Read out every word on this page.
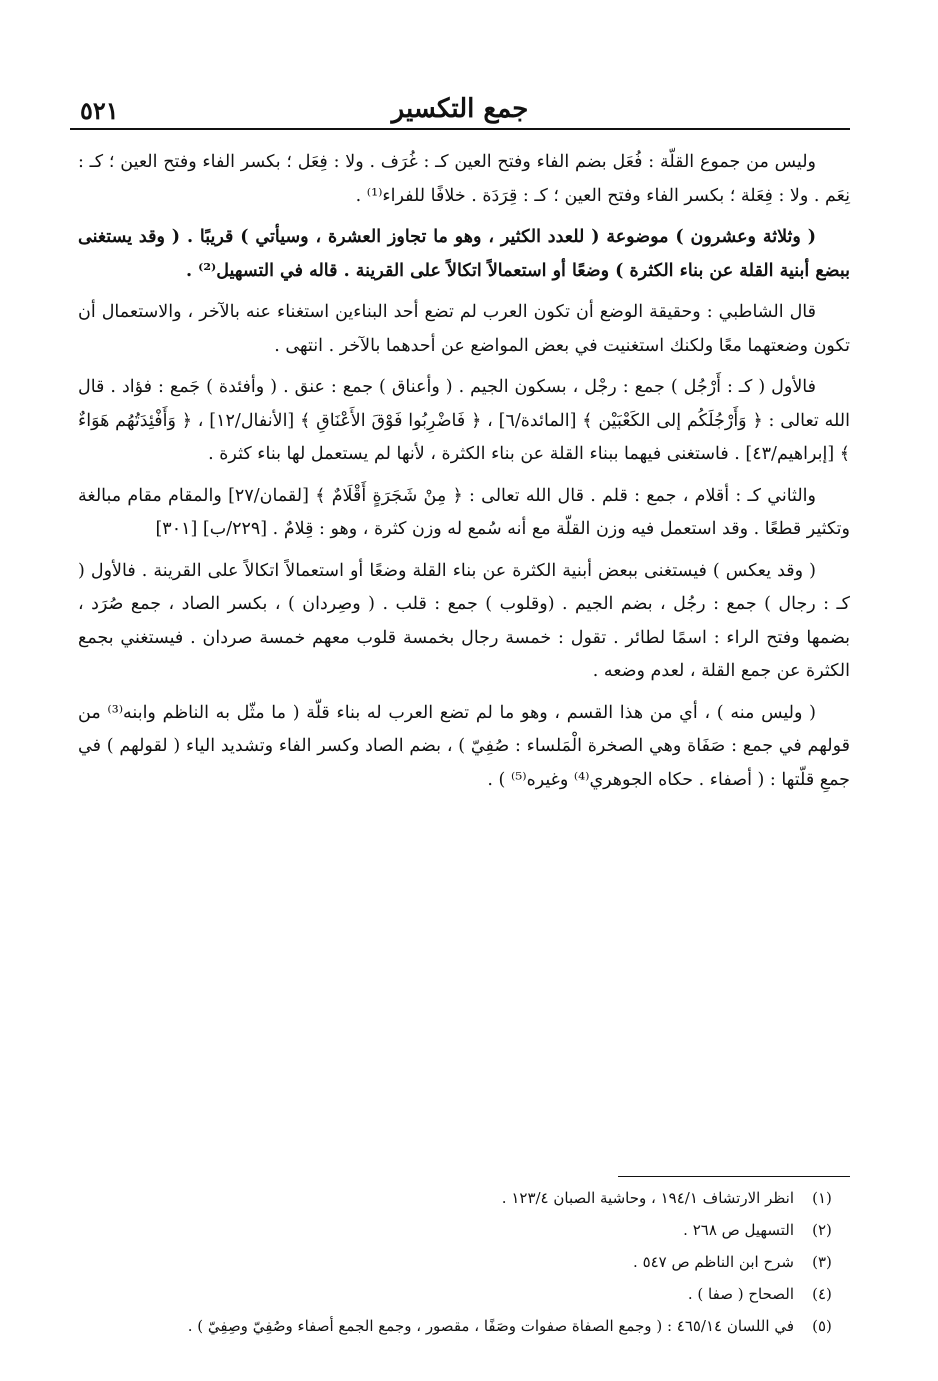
جمع التكسير
٥٢١

وليس من جموع القلّة : فُعَل بضم الفاء وفتح العين كـ : غُرَف . ولا : فِعَل ؛ بكسر الفاء وفتح العين ؛ كـ : نِعَم . ولا : فِعَلة ؛ بكسر الفاء وفتح العين ؛ كـ : قِرَدَة . خلافًا للفراء⁽¹⁾ .

( وثلاثة وعشرون ) موضوعة ( للعدد الكثير ، وهو ما تجاوز العشرة ، وسيأتي ) قريبًا . ( وقد يستغنى ببضع أبنية القلة عن بناء الكثرة ) وضعًا أو استعمالاً اتكالاً على القرينة . قاله في التسهيل⁽²⁾ .

قال الشاطبي : وحقيقة الوضع أن تكون العرب لم تضع أحد البناءين استغناء عنه بالآخر ، والاستعمال أن تكون وضعتهما معًا ولكنك استغنيت في بعض المواضع عن أحدهما بالآخر . انتهى .

فالأول ( كـ : أَرْجُل ) جمع : رجْل ، بسكون الجيم . ( وأعناق ) جمع : عنق . ( وأفئدة ) جَمع : فؤاد . قال الله تعالى : ﴿ وَأَرْجُلَكُم إلى الكَعْبَيْن ﴾ [المائدة/٦] ، ﴿ فَاضْرِبُوا فَوْقَ الأَعْنَاقِ ﴾ [الأنفال/١٢] ، ﴿ وَأَفْئِدَتُهُم هَوَاءٌ ﴾ [إبراهيم/٤٣] . فاستغنى فيهما ببناء القلة عن بناء الكثرة ، لأنها لم يستعمل لها بناء كثرة .

والثاني كـ : أقلام ، جمع : قلم . قال الله تعالى : ﴿ مِنْ شَجَرَةٍ أَقْلَامٌ ﴾ [لقمان/٢٧] والمقام مقام مبالغة وتكثير قطعًا . وقد استعمل فيه وزن القلّة مع أنه سُمع له وزن كثرة ، وهو : قِلامٌ . [٢٢٩/ب] [٣٠١]

( وقد يعكس ) فيستغنى ببعض أبنية الكثرة عن بناء القلة وضعًا أو استعمالاً اتكالاً على القرينة . فالأول ( كـ : رجال ) جمع : رجُل ، بضم الجيم . (وقلوب ) جمع : قلب . ( وصِردان ) ، بكسر الصاد ، جمع صُرَد ، بضمها وفتح الراء : اسمًا لطائر . تقول : خمسة رجال بخمسة قلوب معهم خمسة صردان . فيستغني بجمع الكثرة عن جمع القلة ، لعدم وضعه .

( وليس منه ) ، أي من هذا القسم ، وهو ما لم تضع العرب له بناء قلّة ( ما مثّل به الناظم وابنه⁽³⁾ من قولهم في جمع : صَفَاة وهي الصخرة الْمَلساء : صُفِيّ ) ، بضم الصاد وكسر الفاء وتشديد الياء ( لقولهم ) في جمعِ قلّتها : ( أصفاء . حكاه الجوهري⁽⁴⁾ وغيره⁽⁵⁾ ) .

(١)
انظر الارتشاف ١٩٤/١ ، وحاشية الصبان ١٢٣/٤ .
(٢)
التسهيل ص ٢٦٨ .
(٣)
شرح ابن الناظم ص ٥٤٧ .
(٤)
الصحاح ( صفا ) .
(٥)
في اللسان ٤٦٥/١٤ : ( وجمع الصفاة صفوات وصَفًا ، مقصور ، وجمع الجمع أصفاء وصُفِيّ وصِفِيّ ) .
